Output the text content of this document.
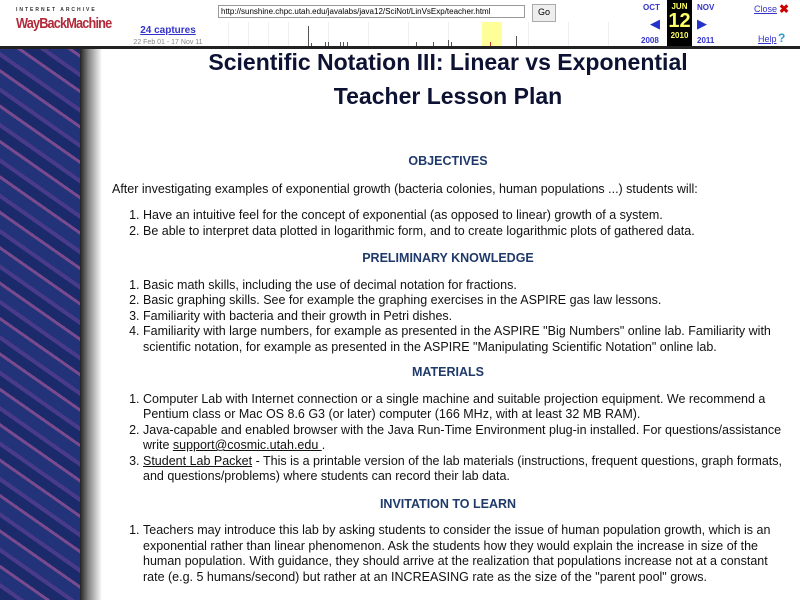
INTERNET ARCHIVE
WayBackMachine	24 captures
22 Feb 01 - 17 Nov 11
http://sunshine.chpc.utah.edu/javalabs/java12/SciNot/LinVsExp/teacher.html
Go	OCT
◀
2008
JUN
12
2010
NOV
▶
2011
Close ✖
Help ?
Scientific Notation III: Linear vs Exponential
Teacher Lesson Plan
OBJECTIVES

After investigating examples of exponential growth (bacteria colonies, human populations ...) students will:

1. Have an intuitive feel for the concept of exponential (as opposed to linear) growth of a system.
2. Be able to interpret data plotted in logarithmic form, and to create logarithmic plots of gathered data.
PRELIMINARY KNOWLEDGE
1. Basic math skills, including the use of decimal notation for fractions.
2. Basic graphing skills. See for example the graphing exercises in the ASPIRE gas law lessons.
3. Familiarity with bacteria and their growth in Petri dishes.
4. Familiarity with large numbers, for example as presented in the ASPIRE "Big Numbers" online lab. Familiarity with scientific notation, for example as presented in the ASPIRE "Manipulating Scientific Notation" online lab.
MATERIALS
1. Computer Lab with Internet connection or a single machine and suitable projection equipment. We recommend a Pentium class or Mac OS 8.6 G3 (or later) computer (166 MHz, with at least 32 MB RAM).
2. Java-capable and enabled browser with the Java Run-Time Environment plug-in installed. For questions/assistance write support@cosmic.utah.edu .
3. Student Lab Packet - This is a printable version of the lab materials (instructions, frequent questions, graph formats, and questions/problems) where students can record their lab data.
INVITATION TO LEARN
1. Teachers may introduce this lab by asking students to consider the issue of human population growth, which is an exponential rather than linear phenomenon. Ask the students how they would explain the increase in size of the human population. With guidance, they should arrive at the realization that populations increase not at a constant rate (e.g. 5 humans/second) but rather at an INCREASING rate as the size of the "parent pool" grows.
